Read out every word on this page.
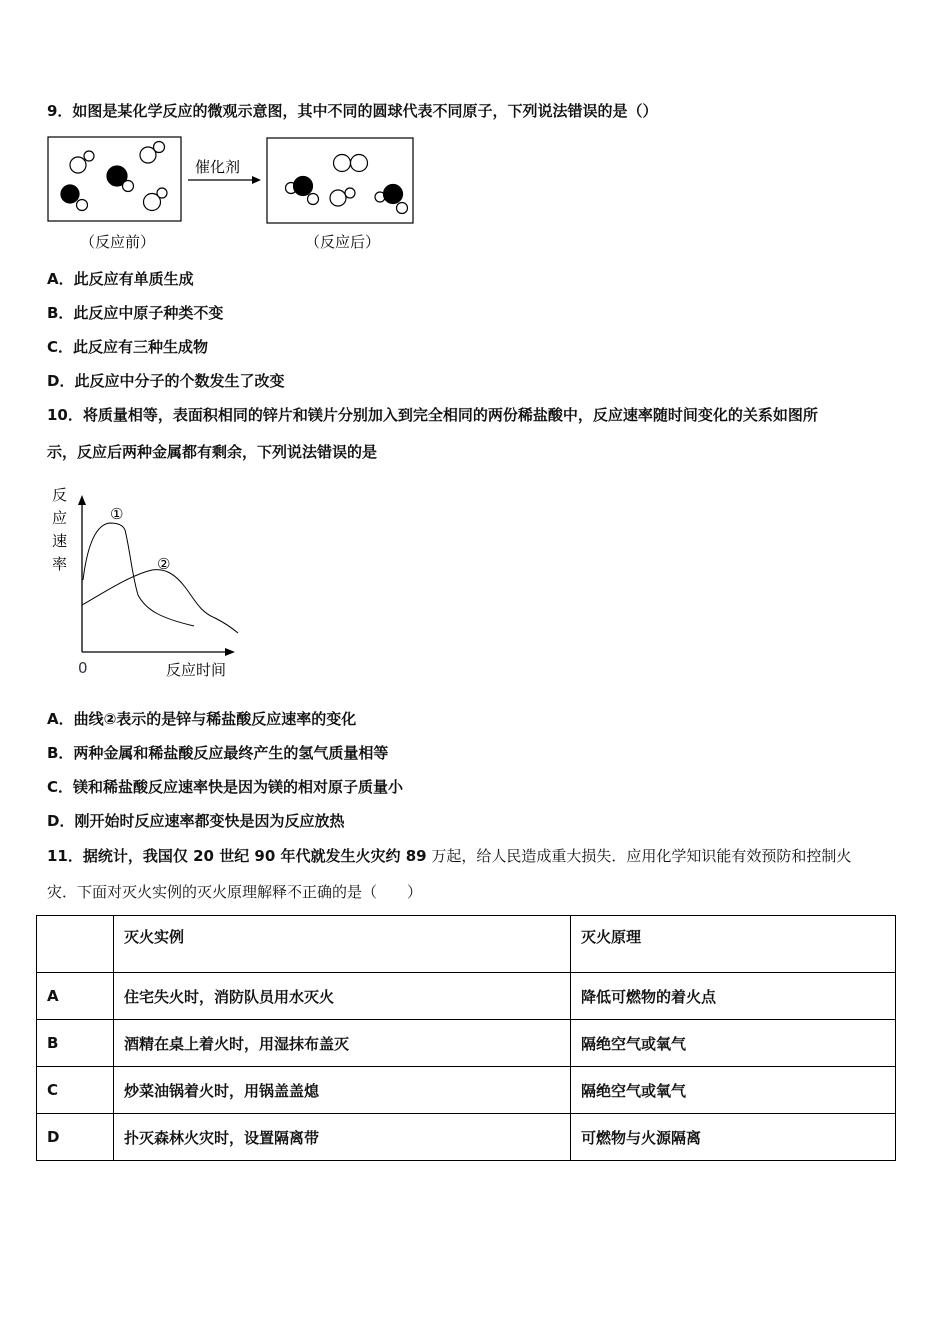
9．如图是某化学反应的微观示意图，其中不同的圆球代表不同原子，下列说法错误的是（）
催化剂
（反应前）	（反应后）
A．此反应有单质生成
B．此反应中原子种类不变
C．此反应有三种生成物
D．此反应中分子的个数发生了改变
10．将质量相等，表面积相同的锌片和镁片分别加入到完全相同的两份稀盐酸中，反应速率随时间变化的关系如图所
示，反应后两种金属都有剩余，下列说法错误的是
反
应
速
率
①
②
0	反应时间
A．曲线②表示的是锌与稀盐酸反应速率的变化
B．两种金属和稀盐酸反应最终产生的氢气质量相等
C．镁和稀盐酸反应速率快是因为镁的相对原子质量小
D．刚开始时反应速率都变快是因为反应放热
11．据统计，我国仅 20 世纪 90 年代就发生火灾约 89 万起，给人民造成重大损失．应用化学知识能有效预防和控制火
灾．下面对灭火实例的灭火原理解释不正确的是（　　）
	灭火实例	灭火原理
A	住宅失火时，消防队员用水灭火	降低可燃物的着火点
B	酒精在桌上着火时，用湿抹布盖灭	隔绝空气或氧气
C	炒菜油锅着火时，用锅盖盖熄	隔绝空气或氧气
D	扑灭森林火灾时，设置隔离带	可燃物与火源隔离
